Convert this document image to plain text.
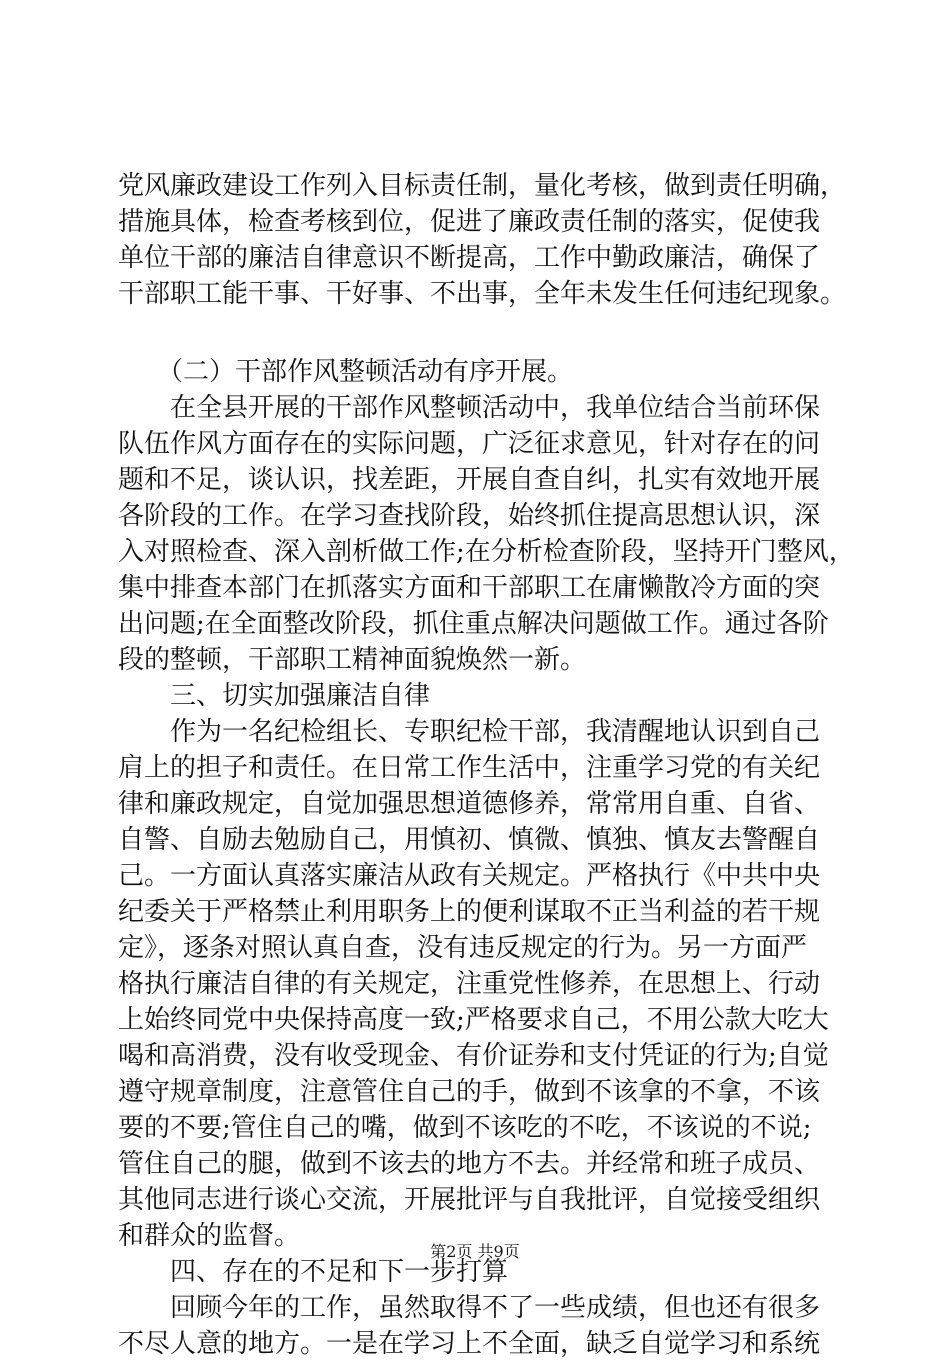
党风廉政建设工作列入目标责任制，量化考核，做到责任明确，
措施具体，检查考核到位，促进了廉政责任制的落实，促使我
单位干部的廉洁自律意识不断提高，工作中勤政廉洁，确保了
干部职工能干事、干好事、不出事，全年未发生任何违纪现象。
　　（二）干部作风整顿活动有序开展。
　　在全县开展的干部作风整顿活动中，我单位结合当前环保
队伍作风方面存在的实际问题，广泛征求意见，针对存在的问
题和不足，谈认识，找差距，开展自查自纠，扎实有效地开展
各阶段的工作。在学习查找阶段，始终抓住提高思想认识，深
入对照检查、深入剖析做工作;在分析检查阶段，坚持开门整风，
集中排查本部门在抓落实方面和干部职工在庸懒散冷方面的突
出问题;在全面整改阶段，抓住重点解决问题做工作。通过各阶
段的整顿，干部职工精神面貌焕然一新。
　　三、切实加强廉洁自律
　　作为一名纪检组长、专职纪检干部，我清醒地认识到自己
肩上的担子和责任。在日常工作生活中，注重学习党的有关纪
律和廉政规定，自觉加强思想道德修养，常常用自重、自省、
自警、自励去勉励自己，用慎初、慎微、慎独、慎友去警醒自
己。一方面认真落实廉洁从政有关规定。严格执行《中共中央
纪委关于严格禁止利用职务上的便利谋取不正当利益的若干规
定》，逐条对照认真自查，没有违反规定的行为。另一方面严
格执行廉洁自律的有关规定，注重党性修养，在思想上、行动
上始终同党中央保持高度一致;严格要求自己，不用公款大吃大
喝和高消费，没有收受现金、有价证券和支付凭证的行为;自觉
遵守规章制度，注意管住自己的手，做到不该拿的不拿，不该
要的不要;管住自己的嘴，做到不该吃的不吃，不该说的不说;
管住自己的腿，做到不该去的地方不去。并经常和班子成员、
其他同志进行谈心交流，开展批评与自我批评，自觉接受组织
和群众的监督。
　　四、存在的不足和下一步打算
　　回顾今年的工作，虽然取得不了一些成绩，但也还有很多
不尽人意的地方。一是在学习上不全面，缺乏自觉学习和系统
第2页 共9页
